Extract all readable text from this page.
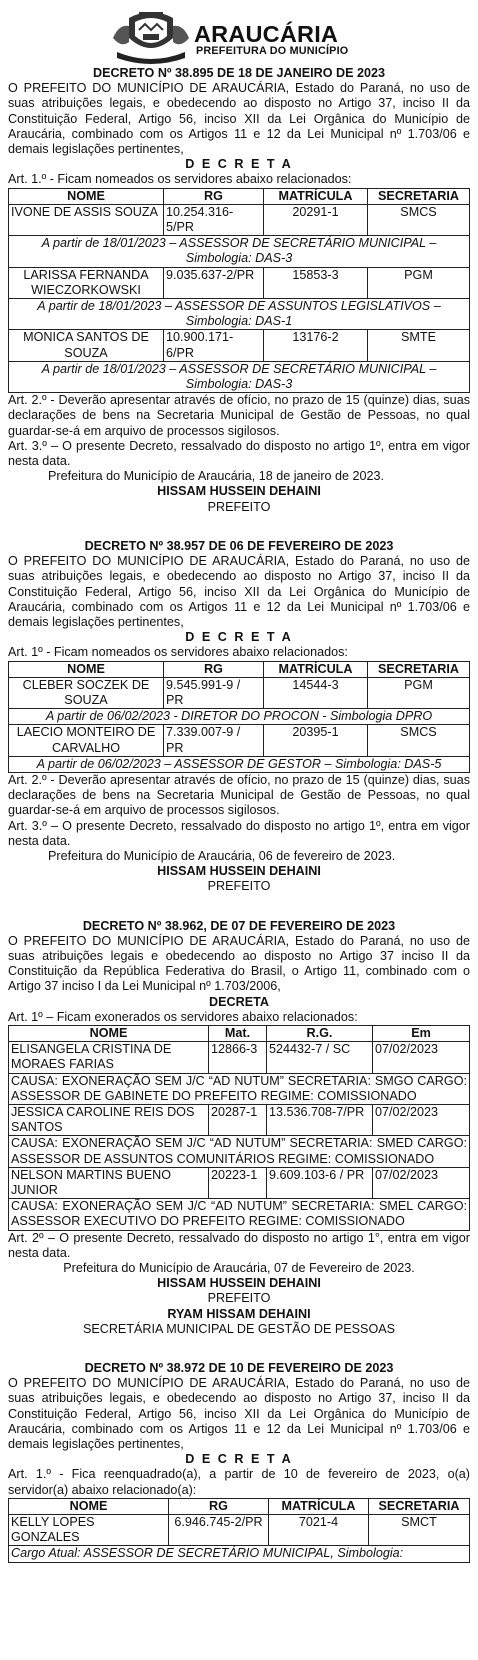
ARAUCÁRIA
PREFEITURA DO MUNICÍPIO
DECRETO Nº 38.895 DE 18 DE JANEIRO DE 2023
O PREFEITO DO MUNICÍPIO DE ARAUCÁRIA, Estado do Paraná, no uso de suas atribuições legais, e obedecendo ao disposto no Artigo 37, inciso II da Constituição Federal, Artigo 56, inciso XII da Lei Orgânica do Município de Araucária, combinado com os Artigos 11 e 12 da Lei Municipal nº 1.703/06 e demais legislações pertinentes,
D E C R E T A
Art. 1.º - Ficam nomeados os servidores abaixo relacionados:
NOME	RG	MATRÍCULA	SECRETARIA
IVONE DE ASSIS SOUZA	10.254.316-5/PR	20291-1	SMCS
A partir de 18/01/2023 – ASSESSOR DE SECRETÁRIO MUNICIPAL – Simbologia: DAS-3			
LARISSA FERNANDA WIECZORKOWSKI	9.035.637-2/PR	15853-3	PGM
A partir de 18/01/2023 – ASSESSOR DE ASSUNTOS LEGISLATIVOS – Simbologia: DAS-1			
MONICA SANTOS DE SOUZA	10.900.171-6/PR	13176-2	SMTE
A partir de 18/01/2023 – ASSESSOR DE SECRETÁRIO MUNICIPAL – Simbologia: DAS-3			
Art. 2.º - Deverão apresentar através de ofício, no prazo de 15 (quinze) dias, suas declarações de bens na Secretaria Municipal de Gestão de Pessoas, no qual guardar-se-á em arquivo de processos sigilosos.
Art. 3.º – O presente Decreto, ressalvado do disposto no artigo 1º, entra em vigor nesta data.
Prefeitura do Município de Araucária, 18 de janeiro de 2023.
HISSAM HUSSEIN DEHAINI
PREFEITO
DECRETO Nº 38.957 DE 06 DE FEVEREIRO DE 2023
O PREFEITO DO MUNICÍPIO DE ARAUCÁRIA, Estado do Paraná, no uso de suas atribuições legais, e obedecendo ao disposto no Artigo 37, inciso II da Constituição Federal, Artigo 56, inciso XII da Lei Orgânica do Município de Araucária, combinado com os Artigos 11 e 12 da Lei Municipal nº 1.703/06 e demais legislações pertinentes,
D E C R E T A
Art. 1º - Ficam nomeados os servidores abaixo relacionados:
NOME	RG	MATRÍCULA	SECRETARIA
CLEBER SOCZEK DE SOUZA	9.545.991-9 / PR	14544-3	PGM
A partir de 06/02/2023 - DIRETOR DO PROCON - Simbologia DPRO			
LAECIO MONTEIRO DE CARVALHO	7.339.007-9 / PR	20395-1	SMCS
A partir de 06/02/2023 – ASSESSOR DE GESTOR – Simbologia: DAS-5			
Art. 2.º - Deverão apresentar através de ofício, no prazo de 15 (quinze) dias, suas declarações de bens na Secretaria Municipal de Gestão de Pessoas, no qual guardar-se-á em arquivo de processos sigilosos.
Art. 3.º – O presente Decreto, ressalvado do disposto no artigo 1º, entra em vigor nesta data.
Prefeitura do Município de Araucária, 06 de fevereiro de 2023.
HISSAM HUSSEIN DEHAINI
PREFEITO
DECRETO Nº 38.962, DE 07 DE FEVEREIRO DE 2023
O PREFEITO DO MUNICÍPIO DE ARAUCÁRIA, Estado do Paraná, no uso de suas atribuições legais e obedecendo ao disposto no Artigo 37 inciso II da Constituição da República Federativa do Brasil, o Artigo 11, combinado com o Artigo 37 inciso I da Lei Municipal nº 1.703/2006,
DECRETA
Art. 1º – Ficam exonerados os servidores abaixo relacionados:
NOME	Mat.	R.G.	Em
ELISANGELA CRISTINA DE MORAES FARIAS	12866-3	524432-7 / SC	07/02/2023
CAUSA: EXONERAÇÃO SEM J/C “AD NUTUM” SECRETARIA: SMGO CARGO: ASSESSOR DE GABINETE DO PREFEITO REGIME: COMISSIONADO			
JESSICA CAROLINE REIS DOS SANTOS	20287-1	13.536.708-7/PR	07/02/2023
CAUSA: EXONERAÇÃO SEM J/C “AD NUTUM” SECRETARIA: SMED CARGO: ASSESSOR DE ASSUNTOS COMUNITÁRIOS REGIME: COMISSIONADO			
NELSON MARTINS BUENO JUNIOR	20223-1	9.609.103-6 / PR	07/02/2023
CAUSA: EXONERAÇÃO SEM J/C “AD NUTUM” SECRETARIA: SMEL CARGO: ASSESSOR EXECUTIVO DO PREFEITO REGIME: COMISSIONADO			
Art. 2º – O presente Decreto, ressalvado do disposto no artigo 1°, entra em vigor nesta data.
Prefeitura do Município de Araucária, 07 de Fevereiro de 2023.
HISSAM HUSSEIN DEHAINI
PREFEITO
RYAM HISSAM DEHAINI
SECRETÁRIA MUNICIPAL DE GESTÃO DE PESSOAS
DECRETO Nº 38.972 DE 10 DE FEVEREIRO DE 2023
O PREFEITO DO MUNICÍPIO DE ARAUCÁRIA, Estado do Paraná, no uso de suas atribuições legais, e obedecendo ao disposto no Artigo 37, inciso II da Constituição Federal, Artigo 56, inciso XII da Lei Orgânica do Município de Araucária, combinado com os Artigos 11 e 12 da Lei Municipal nº 1.703/06 e demais legislações pertinentes,
D E C R E T A
Art. 1.º - Fica reenquadrado(a), a partir de 10 de fevereiro de 2023, o(a) servidor(a) abaixo relacionado(a):
NOME	RG	MATRÍCULA	SECRETARIA
KELLY LOPES GONZALES	6.946.745-2/PR	7021-4	SMCT
Cargo Atual: ASSESSOR DE SECRETÁRIO MUNICIPAL, Simbologia:			
